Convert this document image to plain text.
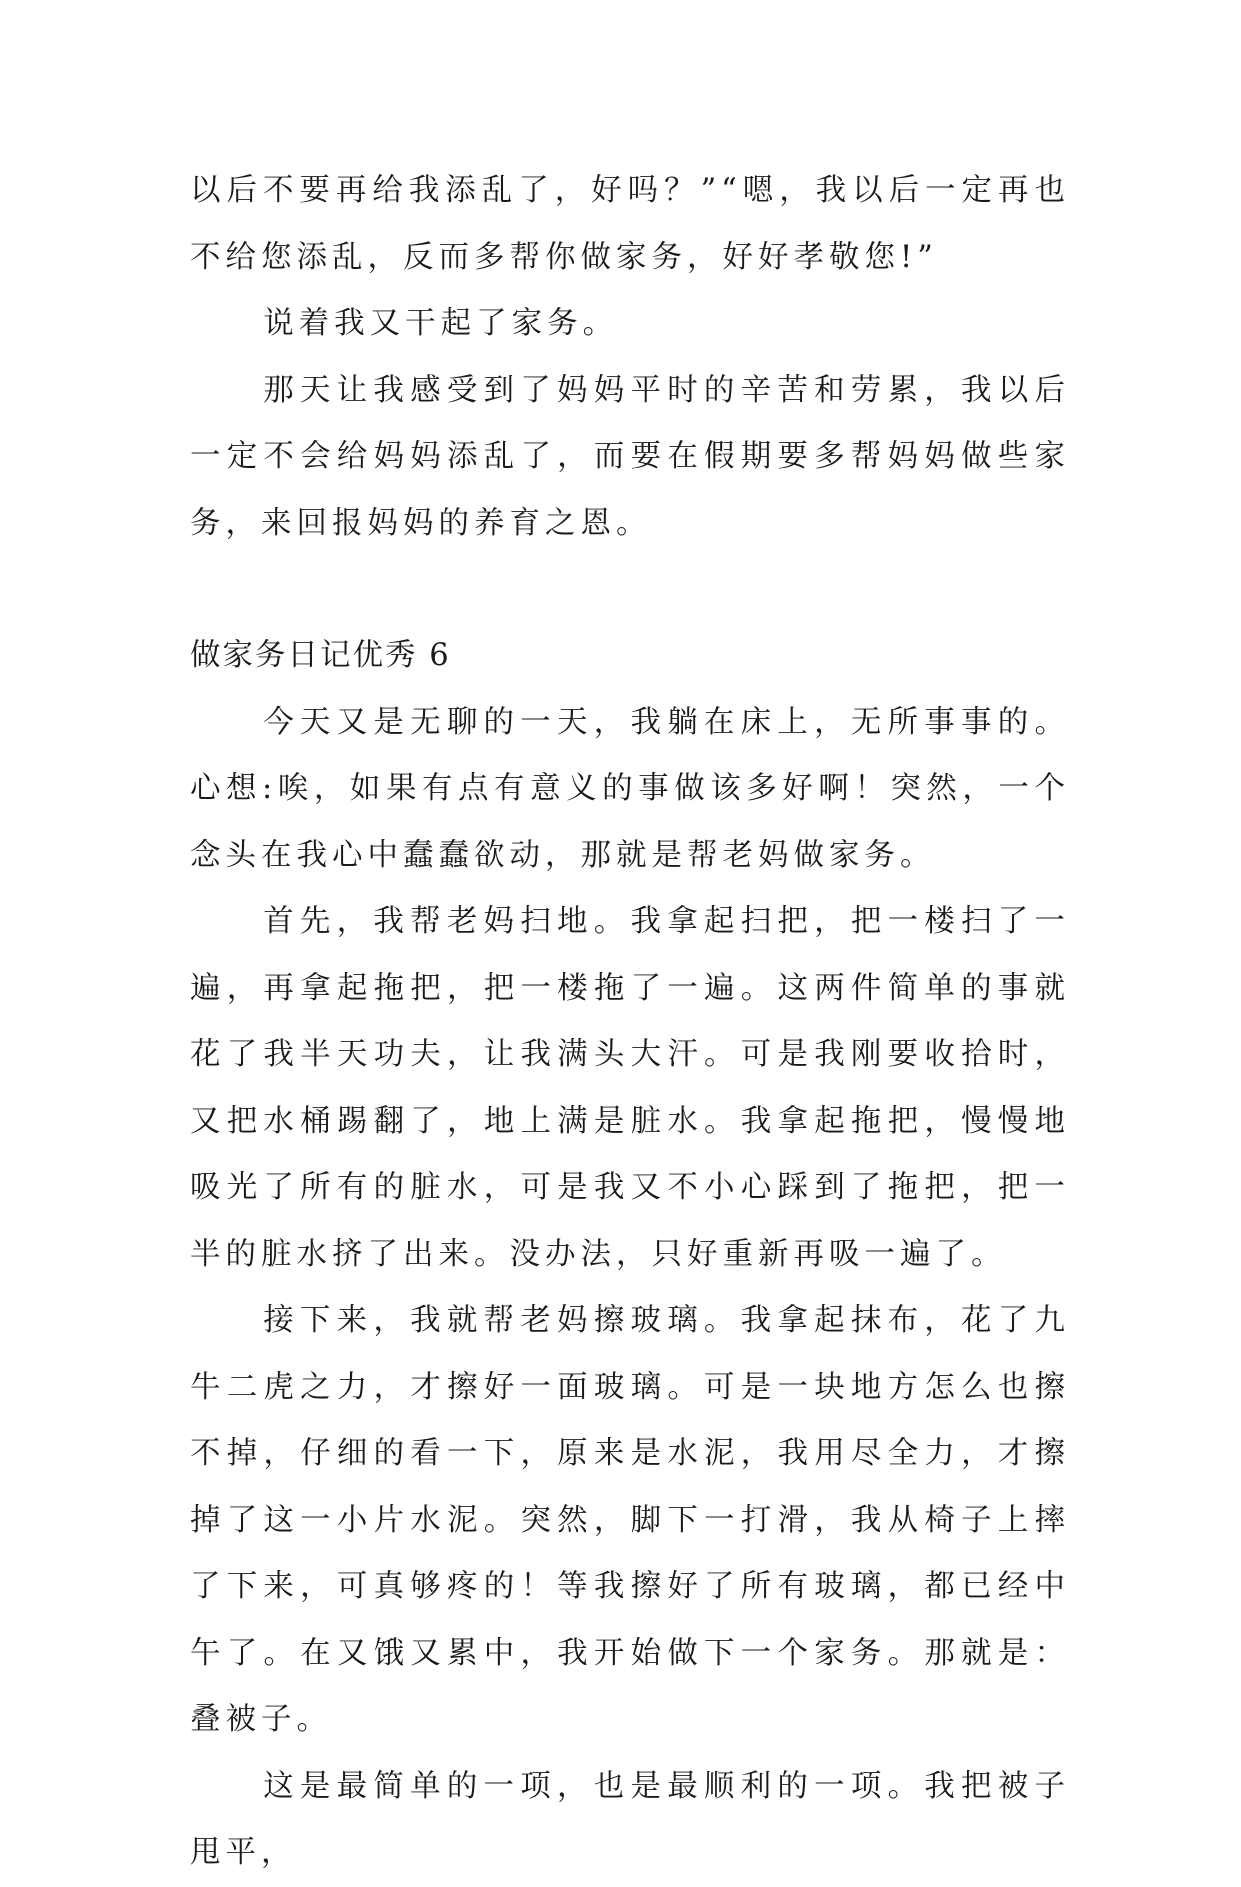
以后不要再给我添乱了，好吗？”“嗯，我以后一定再也不给您添乱，反而多帮你做家务，好好孝敬您!”

说着我又干起了家务。

那天让我感受到了妈妈平时的辛苦和劳累，我以后一定不会给妈妈添乱了，而要在假期要多帮妈妈做些家务，来回报妈妈的养育之恩。

做家务日记优秀 6

今天又是无聊的一天，我躺在床上，无所事事的。心想:唉，如果有点有意义的事做该多好啊！突然，一个念头在我心中蠢蠢欲动，那就是帮老妈做家务。

首先，我帮老妈扫地。我拿起扫把，把一楼扫了一遍，再拿起拖把，把一楼拖了一遍。这两件简单的事就花了我半天功夫，让我满头大汗。可是我刚要收拾时，又把水桶踢翻了，地上满是脏水。我拿起拖把，慢慢地吸光了所有的脏水，可是我又不小心踩到了拖把，把一半的脏水挤了出来。没办法，只好重新再吸一遍了。

接下来，我就帮老妈擦玻璃。我拿起抹布，花了九牛二虎之力，才擦好一面玻璃。可是一块地方怎么也擦不掉，仔细的看一下，原来是水泥，我用尽全力，才擦掉了这一小片水泥。突然，脚下一打滑，我从椅子上摔了下来，可真够疼的！等我擦好了所有玻璃，都已经中午了。在又饿又累中，我开始做下一个家务。那就是：叠被子。

这是最简单的一项，也是最顺利的一项。我把被子甩平，
